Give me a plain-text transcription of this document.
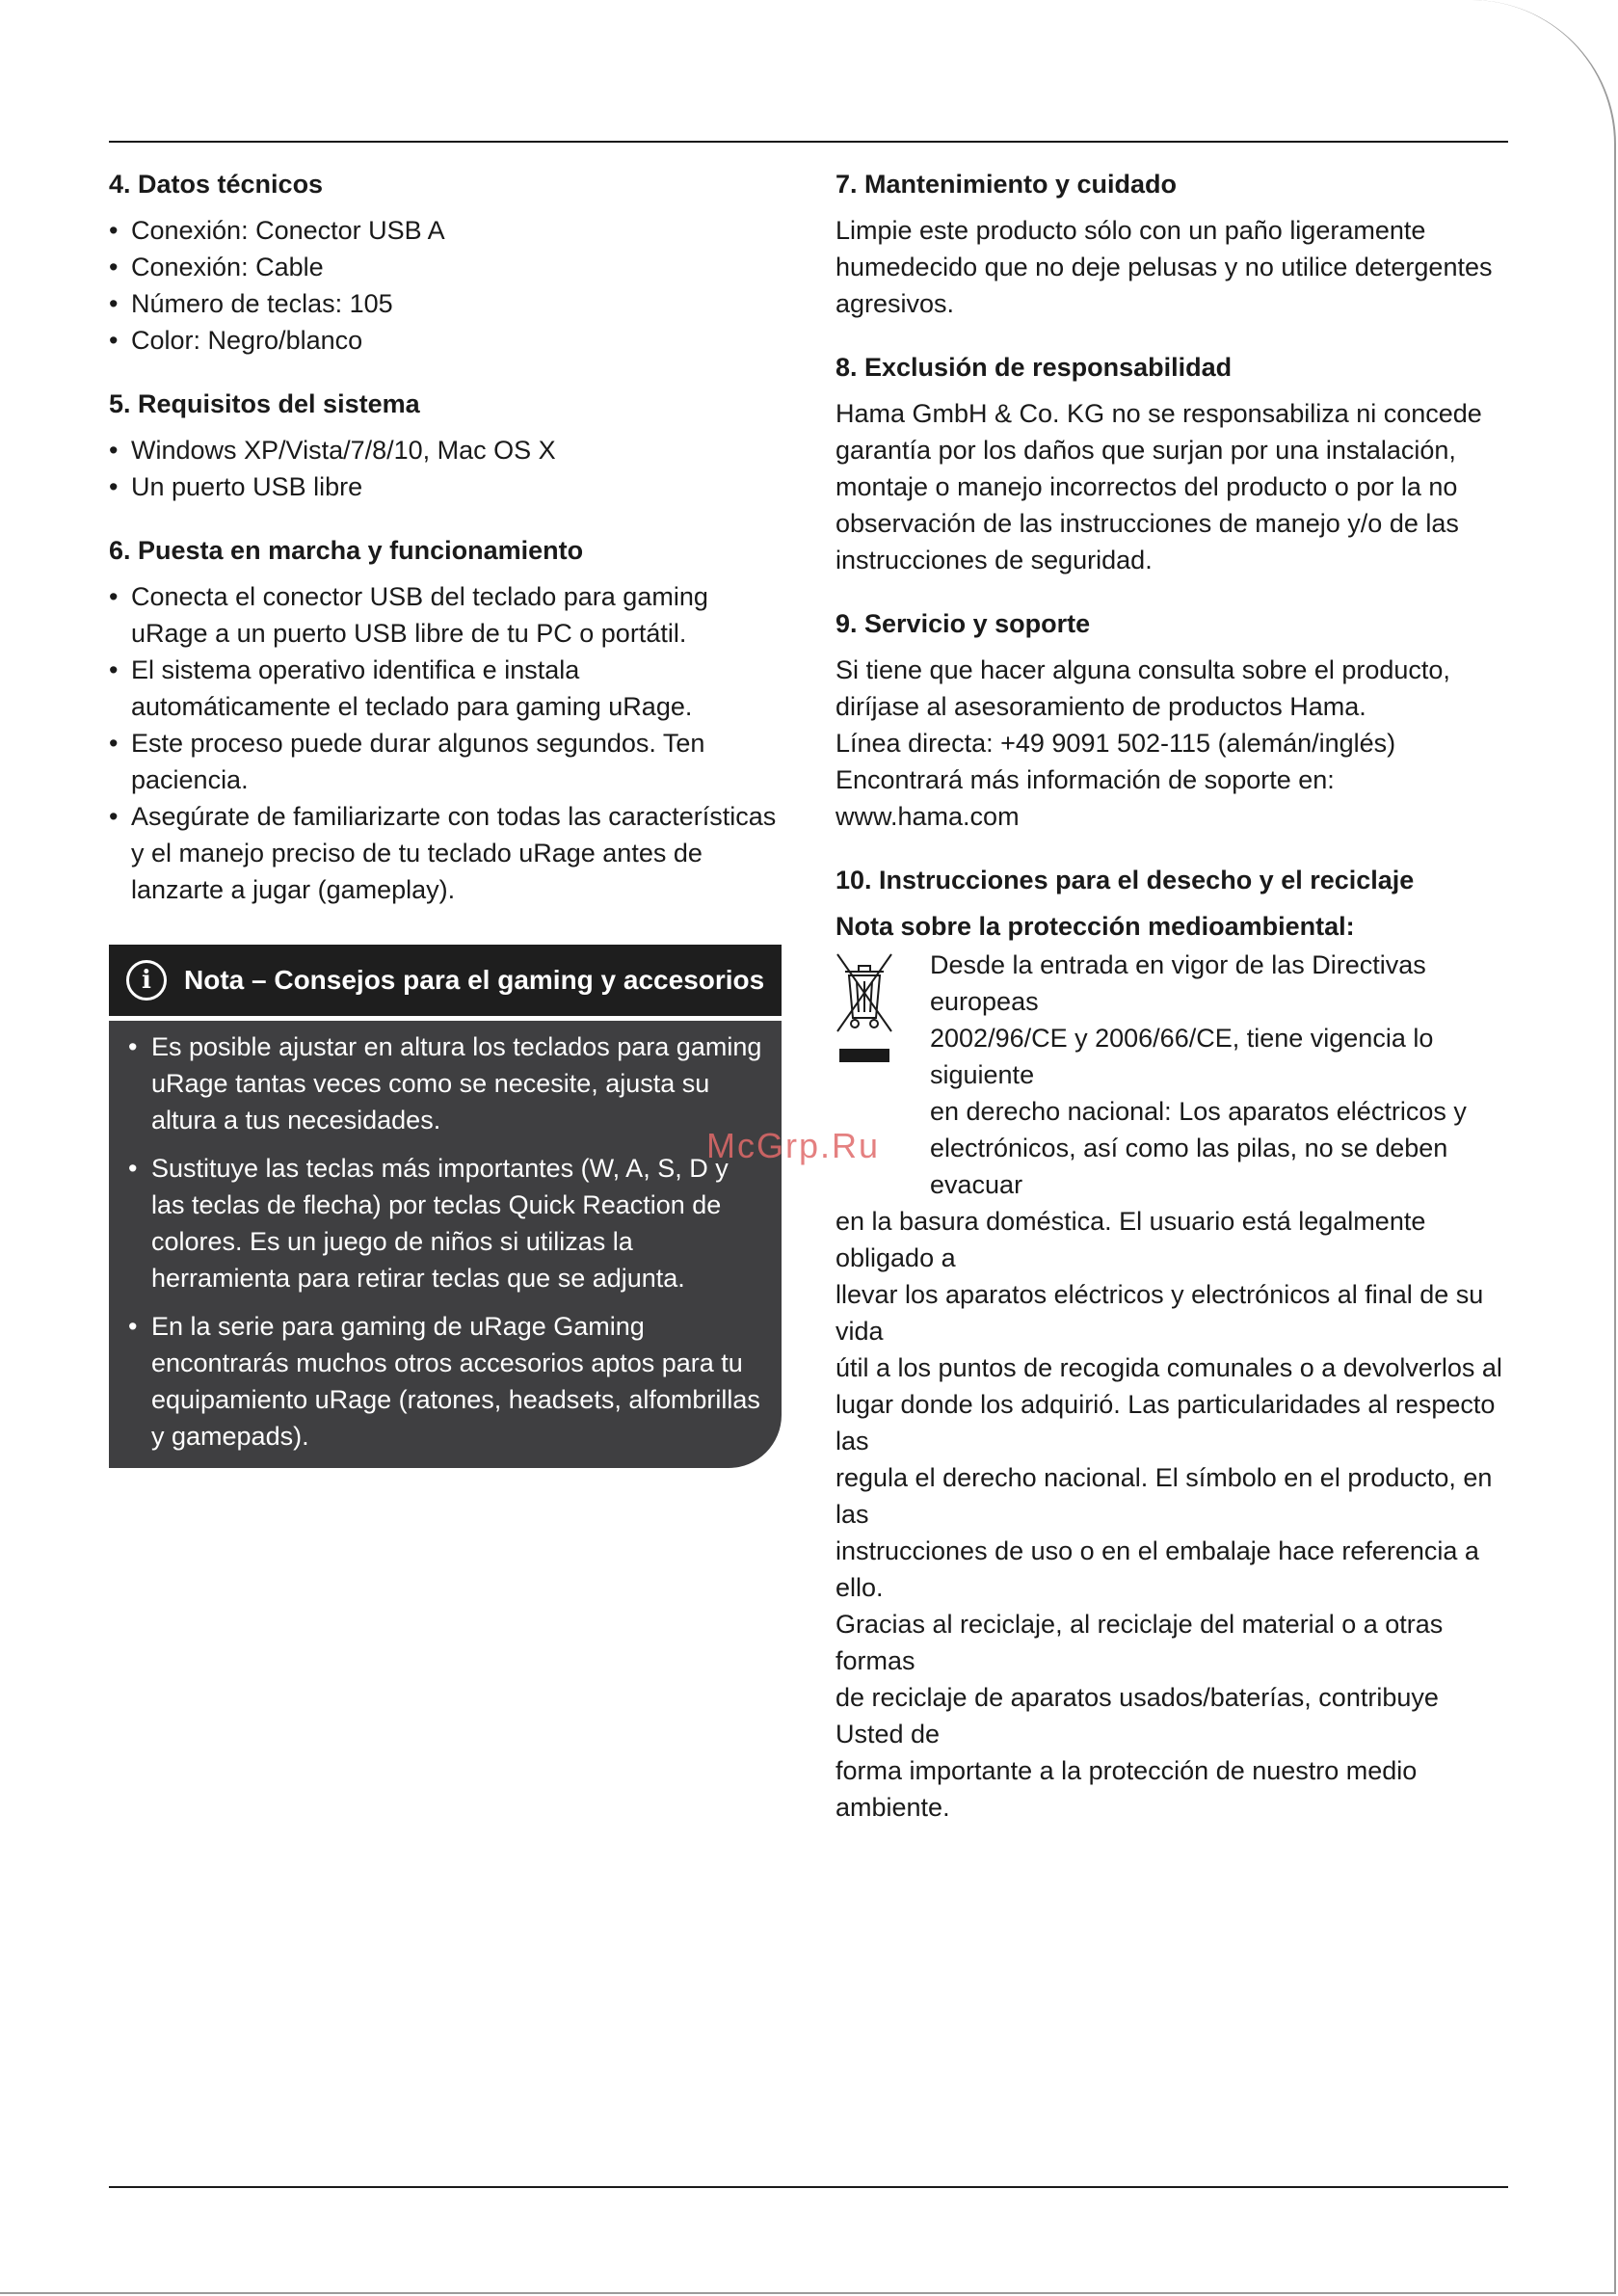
4. Datos técnicos
• Conexión: Conector USB A
• Conexión: Cable
• Número de teclas: 105
• Color: Negro/blanco
5. Requisitos del sistema
• Windows XP/Vista/7/8/10, Mac OS X
• Un puerto USB libre
6. Puesta en marcha y funcionamiento
• Conecta el conector USB del teclado para gaming uRage a un puerto USB libre de tu PC o portátil.
• El sistema operativo identifica e instala automáticamente el teclado para gaming uRage.
• Este proceso puede durar algunos segundos. Ten paciencia.
• Asegúrate de familiarizarte con todas las características y el manejo preciso de tu teclado uRage antes de lanzarte a jugar (gameplay).
i	Nota – Consejos para el gaming y accesorios
• Es posible ajustar en altura los teclados para gaming uRage tantas veces como se necesite, ajusta su altura a tus necesidades.
• Sustituye las teclas más importantes (W, A, S, D y las teclas de flecha) por teclas Quick Reaction de colores. Es un juego de niños si utilizas la herramienta para retirar teclas que se adjunta.
• En la serie para gaming de uRage Gaming encontrarás muchos otros accesorios aptos para tu equipamiento uRage (ratones, headsets, alfombrillas y gamepads).
7. Mantenimiento y cuidado

Limpie este producto sólo con un paño ligeramente humedecido que no deje pelusas y no utilice detergentes agresivos.

8. Exclusión de responsabilidad

Hama GmbH & Co. KG no se responsabiliza ni concede garantía por los daños que surjan por una instalación, montaje o manejo incorrectos del producto o por la no observación de las instrucciones de manejo y/o de las instrucciones de seguridad.

9. Servicio y soporte

Si tiene que hacer alguna consulta sobre el producto,
diríjase al asesoramiento de productos Hama.
Línea directa: +49 9091 502-115 (alemán/inglés)
Encontrará más información de soporte en:
www.hama.com

10. Instrucciones para el desecho y el reciclaje
Nota sobre la protección medioambiental:

Desde la entrada en vigor de las Directivas europeas
2002/96/CE y 2006/66/CE, tiene vigencia lo siguiente
en derecho nacional: Los aparatos eléctricos y
electrónicos, así como las pilas, no se deben evacuar
en la basura doméstica. El usuario está legalmente obligado a
llevar los aparatos eléctricos y electrónicos al final de su vida
útil a los puntos de recogida comunales o a devolverlos al
lugar donde los adquirió. Las particularidades al respecto las
regula el derecho nacional. El símbolo en el producto, en las
instrucciones de uso o en el embalaje hace referencia a ello.
Gracias al reciclaje, al reciclaje del material o a otras formas
de reciclaje de aparatos usados/baterías, contribuye Usted de
forma importante a la protección de nuestro medio ambiente.

McGrp.Ru
